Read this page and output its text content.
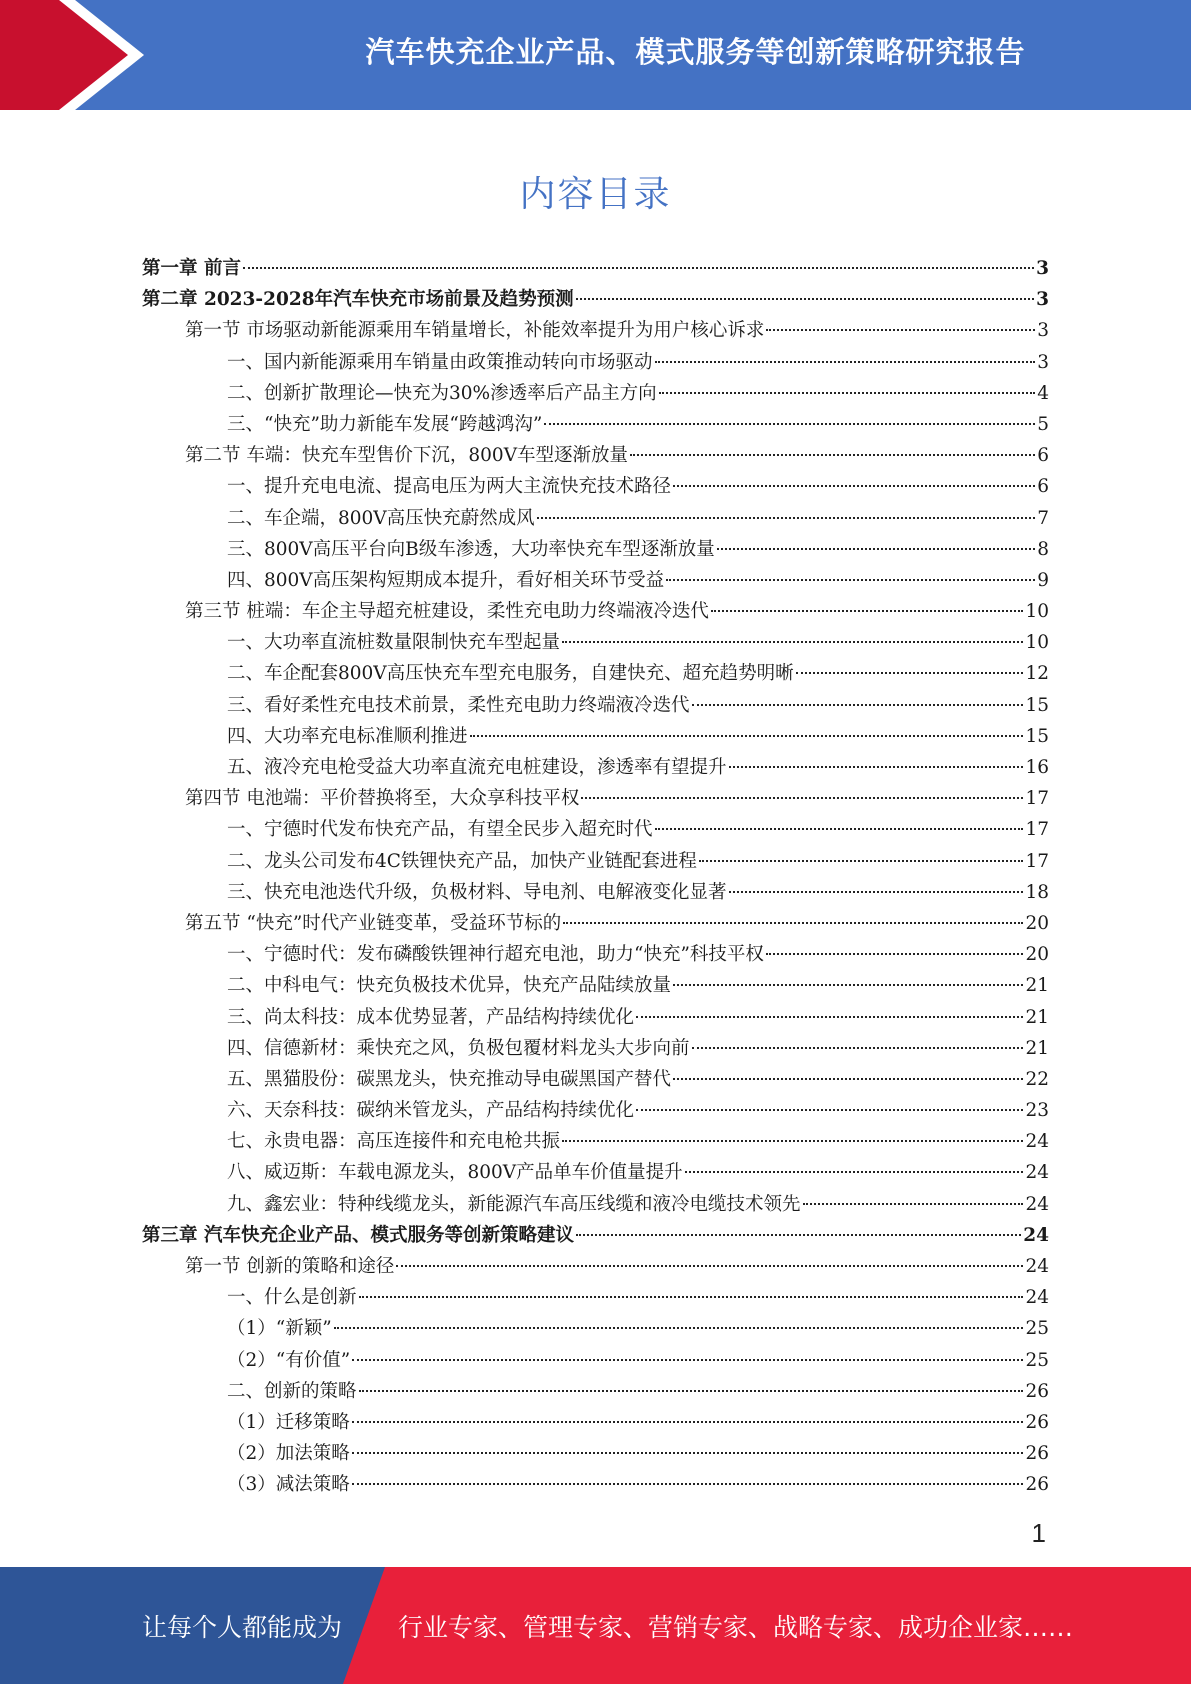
汽车快充企业产品、模式服务等创新策略研究报告
内容目录
第一章 前言	3
第二章 2023-2028年汽车快充市场前景及趋势预测	3
第一节 市场驱动新能源乘用车销量增长，补能效率提升为用户核心诉求	3
一、国内新能源乘用车销量由政策推动转向市场驱动	3
二、创新扩散理论—快充为30%渗透率后产品主方向	4
三、“快充”助力新能车发展“跨越鸿沟”	5
第二节 车端：快充车型售价下沉，800V车型逐渐放量	6
一、提升充电电流、提高电压为两大主流快充技术路径	6
二、车企端，800V高压快充蔚然成风	7
三、800V高压平台向B级车渗透，大功率快充车型逐渐放量	8
四、800V高压架构短期成本提升，看好相关环节受益	9
第三节 桩端：车企主导超充桩建设，柔性充电助力终端液冷迭代	10
一、大功率直流桩数量限制快充车型起量	10
二、车企配套800V高压快充车型充电服务，自建快充、超充趋势明晰	12
三、看好柔性充电技术前景，柔性充电助力终端液冷迭代	15
四、大功率充电标准顺利推进	15
五、液冷充电枪受益大功率直流充电桩建设，渗透率有望提升	16
第四节 电池端：平价替换将至，大众享科技平权	17
一、宁德时代发布快充产品，有望全民步入超充时代	17
二、龙头公司发布4C铁锂快充产品，加快产业链配套进程	17
三、快充电池迭代升级，负极材料、导电剂、电解液变化显著	18
第五节 “快充”时代产业链变革，受益环节标的	20
一、宁德时代：发布磷酸铁锂神行超充电池，助力“快充”科技平权	20
二、中科电气：快充负极技术优异，快充产品陆续放量	21
三、尚太科技：成本优势显著，产品结构持续优化	21
四、信德新材：乘快充之风，负极包覆材料龙头大步向前	21
五、黑猫股份：碳黑龙头，快充推动导电碳黑国产替代	22
六、天奈科技：碳纳米管龙头，产品结构持续优化	23
七、永贵电器：高压连接件和充电枪共振	24
八、威迈斯：车载电源龙头，800V产品单车价值量提升	24
九、鑫宏业：特种线缆龙头，新能源汽车高压线缆和液冷电缆技术领先	24
第三章 汽车快充企业产品、模式服务等创新策略建议	24
第一节 创新的策略和途径	24
一、什么是创新	24
（1）“新颖”	25
（2）“有价值”	25
二、创新的策略	26
（1）迁移策略	26
（2）加法策略	26
（3）减法策略	26
1
让每个人都能成为 行业专家、管理专家、营销专家、战略专家、成功企业家……
